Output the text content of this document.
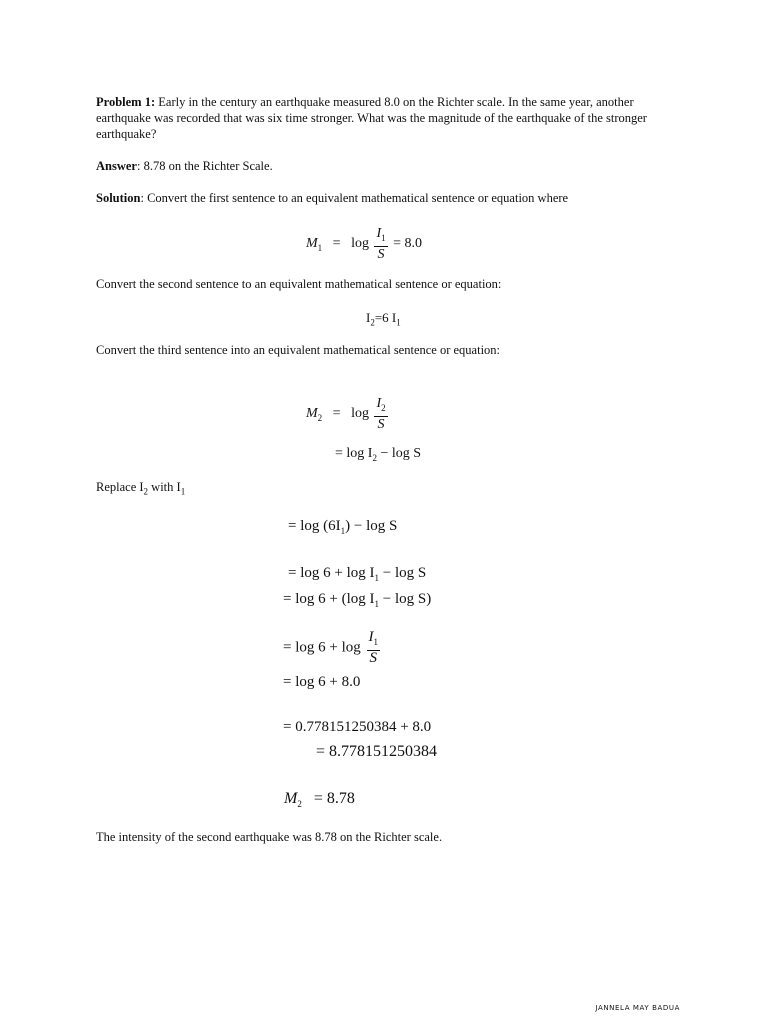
Problem 1: Early in the century an earthquake measured 8.0 on the Richter scale. In the same year, another earthquake was recorded that was six time stronger. What was the magnitude of the earthquake of the stronger earthquake?
Answer: 8.78 on the Richter Scale.
Solution: Convert the first sentence to an equivalent mathematical sentence or equation where
$M_1 = \log \frac{I_1}{S} = 8.0$
Convert the second sentence to an equivalent mathematical sentence or equation:
$I_2=6$ $I_1$
Convert the third sentence into an equivalent mathematical sentence or equation:
$M_2 = \log \frac{I_2}{S}$
= $\log I_2 - \log S$
Replace $I_2$ with $I_1$
= $\log (6I_1) - \log S$
= $\log 6 + \log I_1 - \log S$
= log 6 + (log $I_1 - \log S$)
= $\log 6 + \log \frac{I_1}{S}$
= log 6 + 8.0
= 0.778151250384 + 8.0
= 8.778151250384
$M_2 = 8.78$
The intensity of the second earthquake was 8.78 on the Richter scale.
JANNELA MAY BADUA
